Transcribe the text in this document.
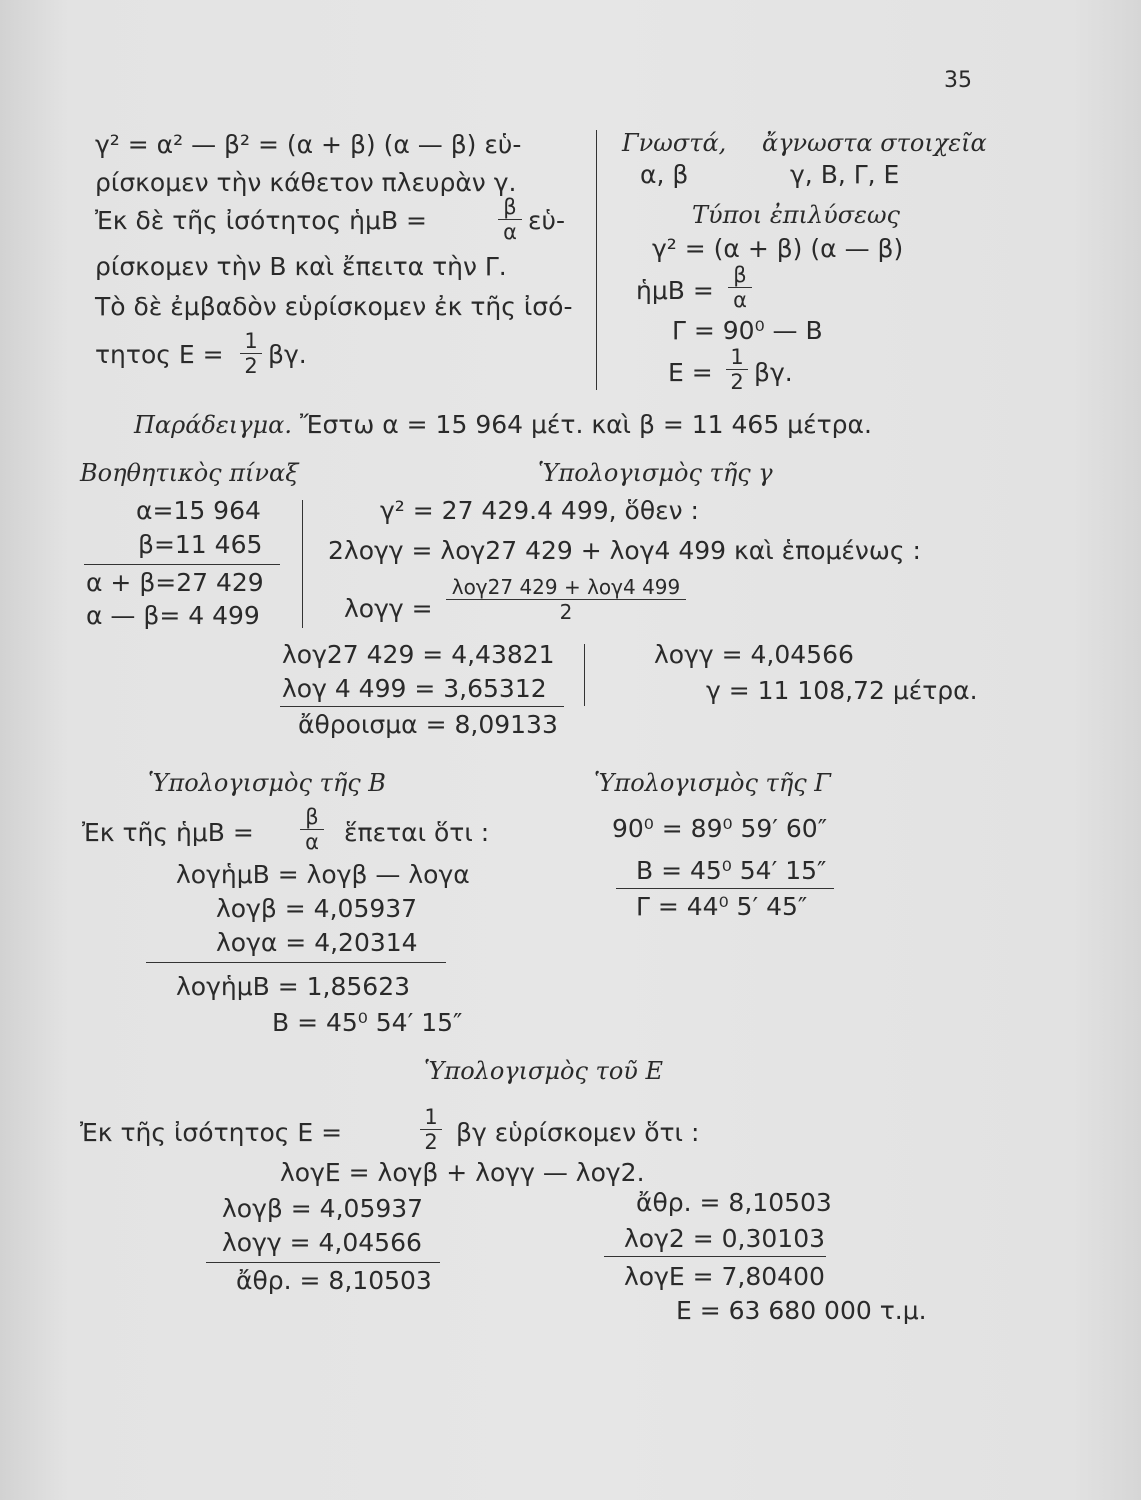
35
γ² = α² — β² = (α + β) (α — β) εὑ-
ρίσκομεν τὴν κάθετον πλευρὰν γ.
Ἐκ δὲ τῆς ἰσότητος ἡμΒ =	β
α εὑ-
ρίσκομεν τὴν Β καὶ ἔπειτα τὴν Γ.
Τὸ δὲ ἐμβαδὸν εὑρίσκομεν ἐκ τῆς ἰσό-
τητος Ε = 1
2 βγ.
Γνωστά, ἄγνωστα στοιχεῖα
α, β	γ, Β, Γ, Ε
Τύποι ἐπιλύσεως
γ² = (α + β) (α — β)
ἡμΒ =
β
α
Γ = 90⁰ — Β
Ε =
1
2 βγ.
Παράδειγμα. Ἔστω α = 15 964 μέτ. καὶ β = 11 465 μέτρα.
Βοηθητικὸς πίναξ
α=15 964
β=11 465
α + β=27 429
α — β= 4 499
Ὑπολογισμὸς τῆς γ
γ² = 27 429.4 499, ὅθεν :
2λογγ = λογ27 429 + λογ4 499 καὶ ἑπομένως :
λογγ =
λογ27 429 + λογ4 499
2
λογ27 429 = 4,43821
λογ 4 499 = 3,65312
ἄθροισμα = 8,09133
λογγ = 4,04566
γ = 11 108,72 μέτρα.
Ὑπολογισμὸς τῆς Β
Ἐκ τῆς ἡμΒ =
β
α ἕπεται ὅτι :
λογἡμΒ = λογβ — λογα
λογβ = 4,05937
λογα = 4,20314
λογἡμΒ = 1,85623
Β = 45⁰ 54′ 15″
Ὑπολογισμὸς τῆς Γ
90⁰ = 89⁰ 59′ 60″
Β = 45⁰ 54′ 15″
Γ = 44⁰ 5′ 45″
Ὑπολογισμὸς τοῦ Ε
Ἐκ τῆς ἰσότητος Ε =
1
2 βγ εὑρίσκομεν ὅτι :
λογΕ = λογβ + λογγ — λογ2.
λογβ = 4,05937
λογγ = 4,04566
ἄθρ. = 8,10503
ἄθρ. = 8,10503
λογ2 = 0,30103
λογΕ = 7,80400
Ε = 63 680 000 τ.μ.
